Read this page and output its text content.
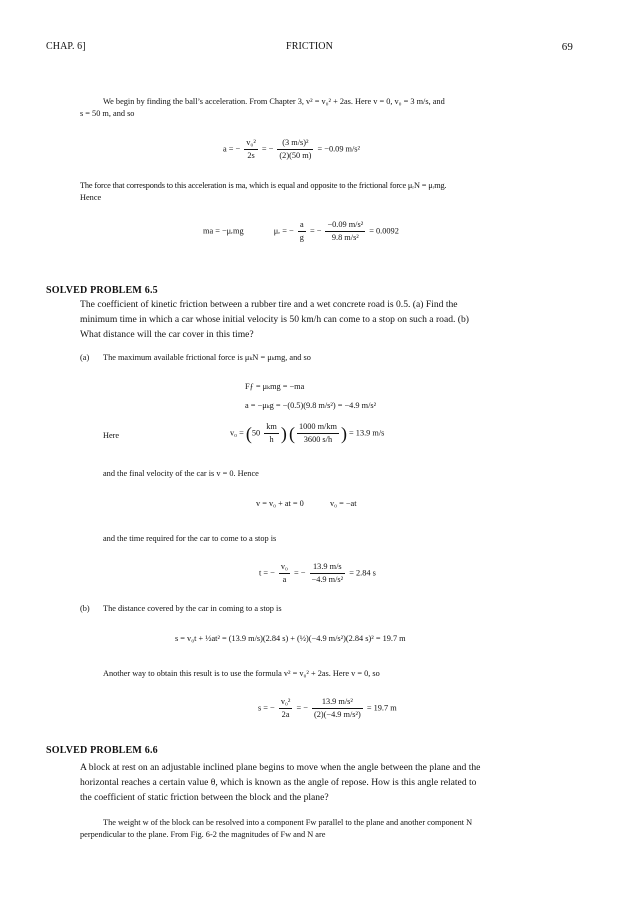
CHAP. 6]	FRICTION	69
We begin by finding the ball’s acceleration. From Chapter 3, v² = v₀² + 2as. Here v = 0, v₀ = 3 m/s, and
s = 50 m, and so
a = − $\frac{\text{v₀²}}{2s}$ = − $\frac{\text{(3 m/s)²}}{(2)(50 m)} = -0.09$ m/s²
The force that corresponds to this acceleration is ma, which is equal and opposite to the frictional force μᵣN = μᵣmg.
Hence
ma = −μᵣmg	μᵣ = − $\frac{a}{g}$ = − $\frac{\text{−0.09 m/s²}}{\text{9.8 m/s²}} = 0.0092$
SOLVED PROBLEM 6.5
The coefficient of kinetic friction between a rubber tire and a wet concrete road is 0.5. (a) Find the
minimum time in which a car whose initial velocity is 50 km/h can come to a stop on such a road. (b)
What distance will the car cover in this time?
(a) The maximum available frictional force is μₖN = μₖmg, and so
Fƒ = μₖmg = −ma
a = −μₖg = −(0.5)(9.8 m/s²) = −4.9 m/s²
Here	$v_0 = (50 \frac{km}{h}$ ) ( $\frac{1000 m/km}{3600 s/h}$ ) = 13.9 m/s
and the final velocity of the car is v = 0. Hence
v = v₀ + at = 0	v₀ = −at
and the time required for the car to come to a stop is
t = − $\frac{\text{v₀}}{a}$ = − $\frac{13.9 m/s}{\text{−4.9 m/s²}} = 2.84$ s
(b) The distance covered by the car in coming to a stop is
s = v₀t + ½at² = (13.9 m/s)(2.84 s) + (½)(−4.9 m/s²)(2.84 s)² = 19.7 m
Another way to obtain this result is to use the formula v² = v₀² + 2as. Here v = 0, so
s = − $\frac{\text{v₀²}}{2a}$ = − $\frac{\text{13.9 m/s²}}{\text{(2)(−4.9 m/s²)}} = 19.7$ m
SOLVED PROBLEM 6.6
A block at rest on an adjustable inclined plane begins to move when the angle between the plane and the
horizontal reaches a certain value θ, which is known as the angle of repose. How is this angle related to
the coefficient of static friction between the block and the plane?
The weight w of the block can be resolved into a component Fw parallel to the plane and another component N
perpendicular to the plane. From Fig. 6-2 the magnitudes of Fw and N are
